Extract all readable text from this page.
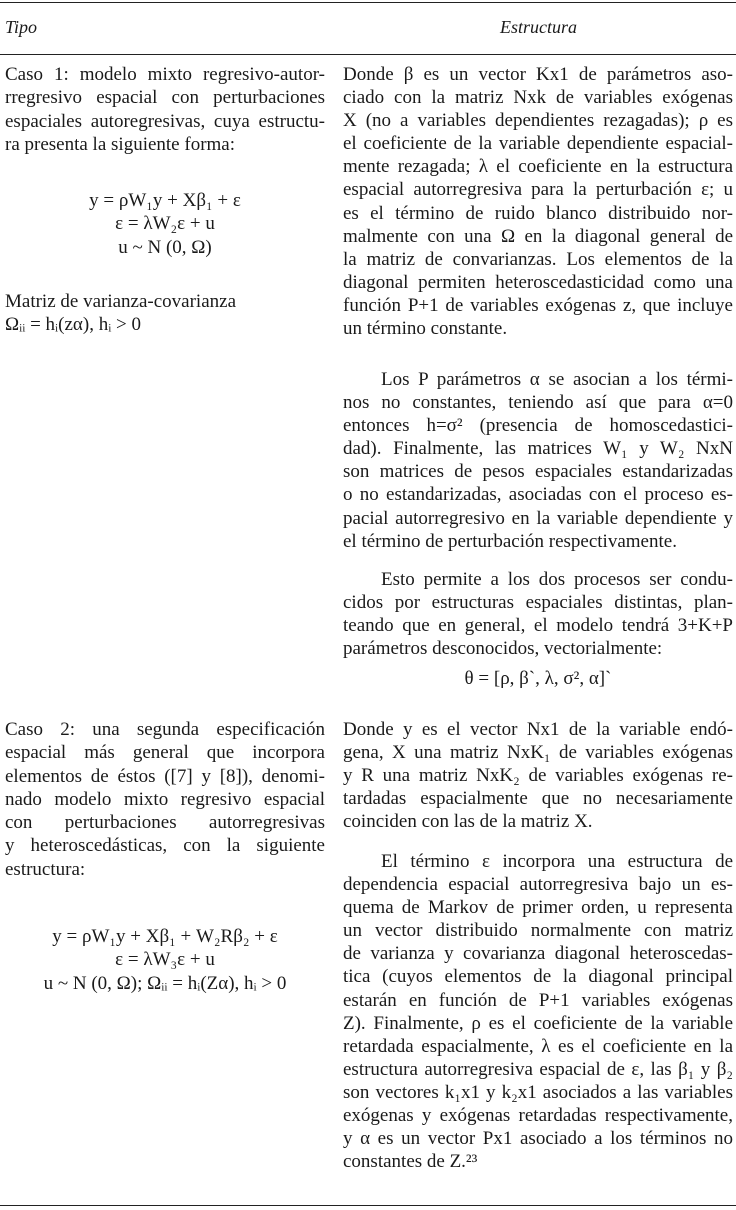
Tipo	Estructura
Caso 1: modelo mixto regresivo-autor-
rregresivo espacial con perturbaciones
espaciales autoregresivas, cuya estructu-
ra presenta la siguiente forma:
y = ρW₁y + Xβ₁ + ε
ε = λW₂ε + u
u ~ N (0, Ω)
Matriz de varianza-covarianza
Ωᵢᵢ = hᵢ(zα), hᵢ > 0
Donde β es un vector Kx1 de parámetros aso-
ciado con la matriz Nxk de variables exógenas
X (no a variables dependientes rezagadas); ρ es
el coeficiente de la variable dependiente espacial-
mente rezagada; λ el coeficiente en la estructura
espacial autorregresiva para la perturbación ε; u
es el término de ruido blanco distribuido nor-
malmente con una Ω en la diagonal general de
la matriz de convarianzas. Los elementos de la
diagonal permiten heteroscedasticidad como una
función P+1 de variables exógenas z, que incluye
un término constante.
Los P parámetros α se asocian a los térmi-
nos no constantes, teniendo así que para α=0
entonces h=σ² (presencia de homoscedastici-
dad). Finalmente, las matrices W₁ y W₂ NxN
son matrices de pesos espaciales estandarizadas
o no estandarizadas, asociadas con el proceso es-
pacial autorregresivo en la variable dependiente y
el término de perturbación respectivamente.
Esto permite a los dos procesos ser condu-
cidos por estructuras espaciales distintas, plan-
teando que en general, el modelo tendrá 3+K+P
parámetros desconocidos, vectorialmente:
θ = [ρ, β`, λ, σ², α]`
Caso 2: una segunda especificación
espacial más general que incorpora
elementos de éstos ([7] y [8]), denomi-
nado modelo mixto regresivo espacial
con perturbaciones autorregresivas
y heteroscedásticas, con la siguiente
estructura:
y = ρW₁y + Xβ₁ + W₂Rβ₂ + ε
ε = λW₃ε + u
u ~ N (0, Ω); Ωᵢᵢ = hᵢ(Zα), hᵢ > 0
Donde y es el vector Nx1 de la variable endó-
gena, X una matriz NxK₁ de variables exógenas
y R una matriz NxK₂ de variables exógenas re-
tardadas espacialmente que no necesariamente
coinciden con las de la matriz X.
El término ε incorpora una estructura de
dependencia espacial autorregresiva bajo un es-
quema de Markov de primer orden, u representa
un vector distribuido normalmente con matriz
de varianza y covarianza diagonal heteroscedas-
tica (cuyos elementos de la diagonal principal
estarán en función de P+1 variables exógenas
Z). Finalmente, ρ es el coeficiente de la variable
retardada espacialmente, λ es el coeficiente en la
estructura autorregresiva espacial de ε, las β₁ y β₂
son vectores k₁x1 y k₂x1 asociados a las variables
exógenas y exógenas retardadas respectivamente,
y α es un vector Px1 asociado a los términos no
constantes de Z.²³
